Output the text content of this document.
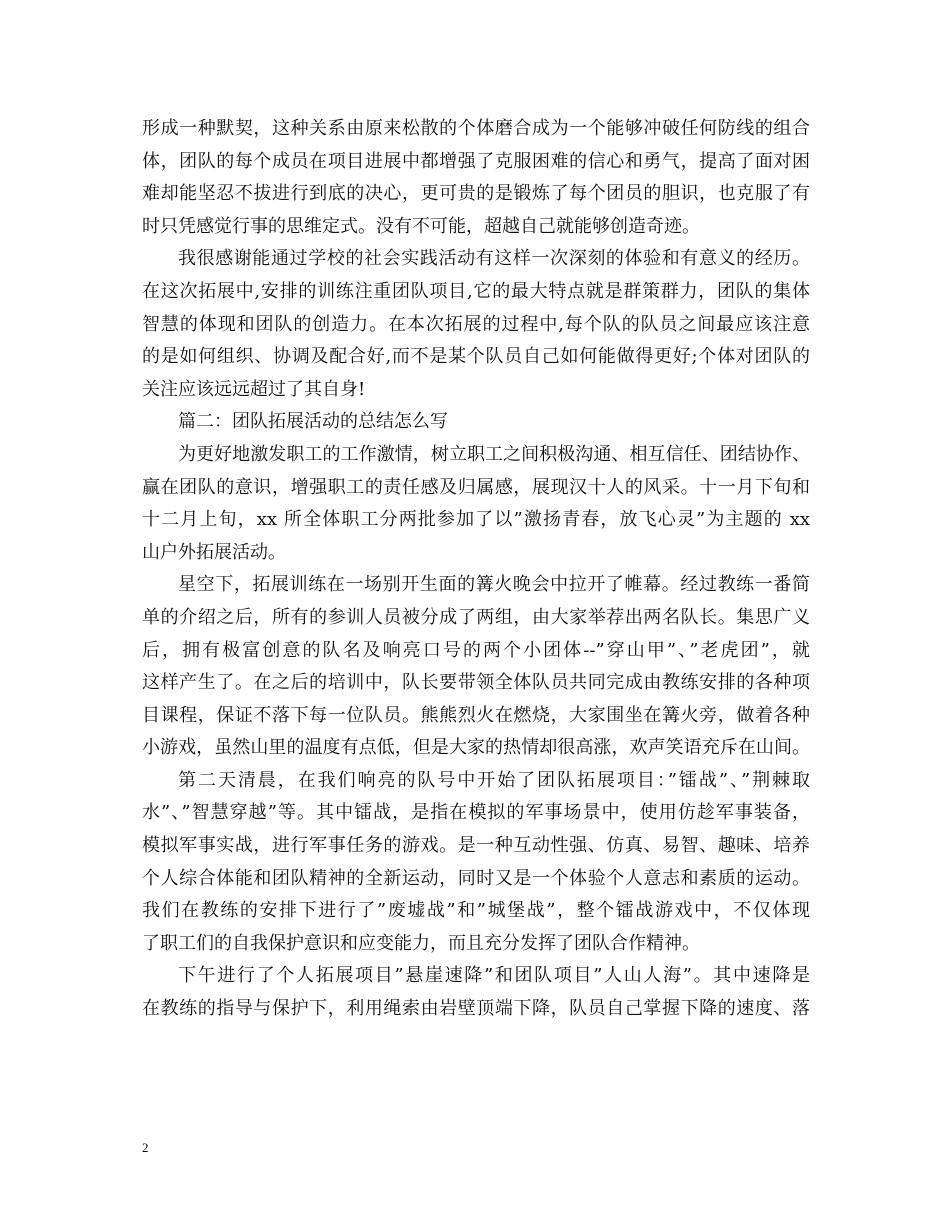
形成一种默契，这种关系由原来松散的个体磨合成为一个能够冲破任何防线的组合
体，团队的每个成员在项目进展中都增强了克服困难的信心和勇气，提高了面对困
难却能坚忍不拔进行到底的决心，更可贵的是锻炼了每个团员的胆识，也克服了有
时只凭感觉行事的思维定式。没有不可能，超越自己就能够创造奇迹。
我很感谢能通过学校的社会实践活动有这样一次深刻的体验和有意义的经历。
在这次拓展中,安排的训练注重团队项目,它的最大特点就是群策群力，团队的集体
智慧的体现和团队的创造力。在本次拓展的过程中,每个队的队员之间最应该注意
的是如何组织、协调及配合好,而不是某个队员自己如何能做得更好;个体对团队的
关注应该远远超过了其自身!
篇二：团队拓展活动的总结怎么写
为更好地激发职工的工作激情，树立职工之间积极沟通、相互信任、团结协作、
赢在团队的意识，增强职工的责任感及归属感，展现汉十人的风采。十一月下旬和
十二月上旬，xx 所全体职工分两批参加了以”激扬青春，放飞心灵”为主题的 xx
山户外拓展活动。
星空下，拓展训练在一场别开生面的篝火晚会中拉开了帷幕。经过教练一番简
单的介绍之后，所有的参训人员被分成了两组，由大家举荐出两名队长。集思广义
后，拥有极富创意的队名及响亮口号的两个小团体--”穿山甲”、”老虎团”，就
这样产生了。在之后的培训中，队长要带领全体队员共同完成由教练安排的各种项
目课程，保证不落下每一位队员。熊熊烈火在燃烧，大家围坐在篝火旁，做着各种
小游戏，虽然山里的温度有点低，但是大家的热情却很高涨，欢声笑语充斥在山间。
第二天清晨，在我们响亮的队号中开始了团队拓展项目：”镭战”、”荆棘取
水”、”智慧穿越”等。其中镭战，是指在模拟的军事场景中，使用仿趁军事装备，
模拟军事实战，进行军事任务的游戏。是一种互动性强、仿真、易智、趣味、培养
个人综合体能和团队精神的全新运动，同时又是一个体验个人意志和素质的运动。
我们在教练的安排下进行了”废墟战”和”城堡战”，整个镭战游戏中，不仅体现
了职工们的自我保护意识和应变能力，而且充分发挥了团队合作精神。
下午进行了个人拓展项目”悬崖速降”和团队项目”人山人海”。其中速降是
在教练的指导与保护下，利用绳索由岩壁顶端下降，队员自己掌握下降的速度、落
2
